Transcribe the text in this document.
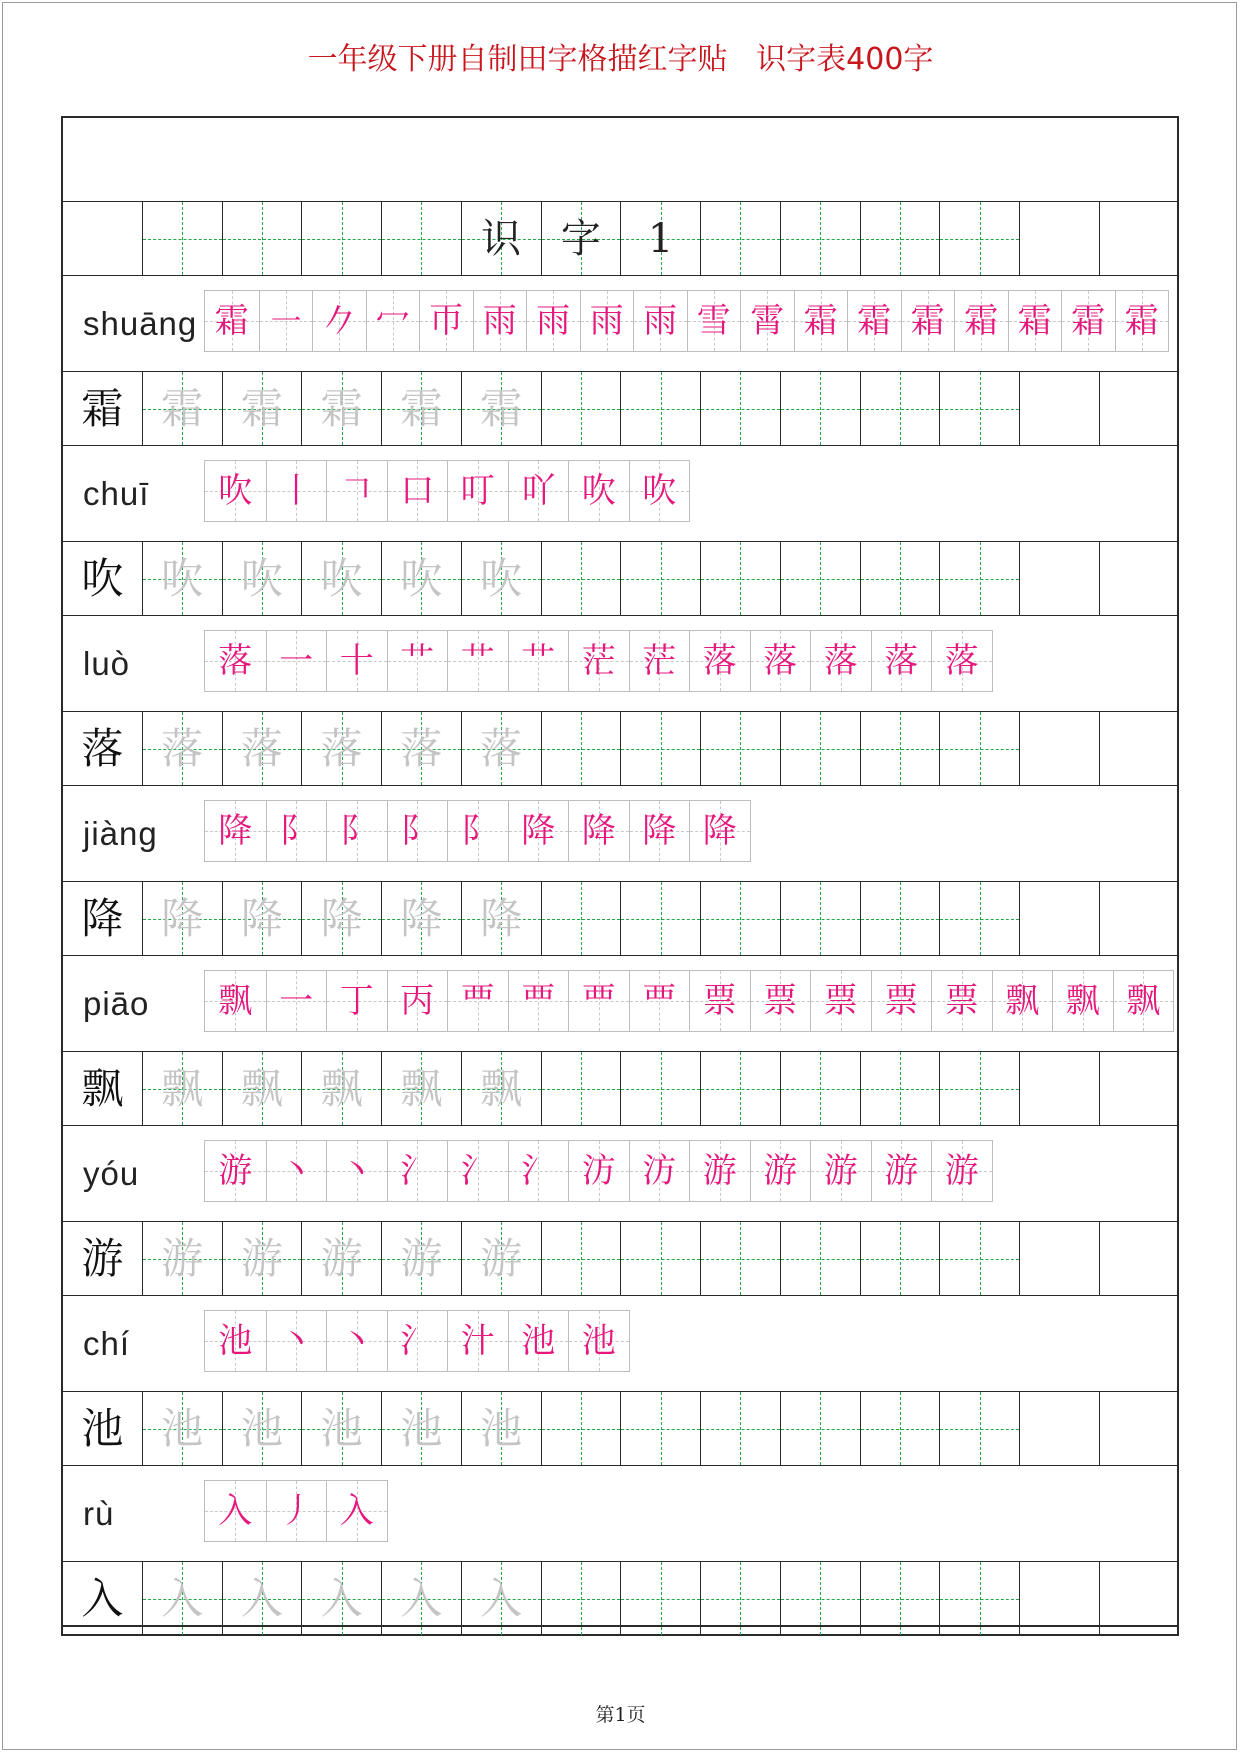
一年级下册自制田字格描红字贴   识字表400字
识 字	1
shuāng 霜 ㇐ 𠂊 冖 帀 雨 雨 雨 雨 雪 霄 霜 霜 霜 霜 霜 霜 霜
霜 霜 霜 霜 霜 霜
chuī	吹 丨 𠃍 口 叮 吖 吹 吹
吹 吹 吹 吹 吹 吹
luò	落 一 十 艹 艹 艹 茫 茫 落 落 落 落 落
落 落 落 落 落 落
jiàng	降 阝 阝 阝 阝 降 降 降 降
降 降 降 降 降 降
piāo	飘 一 丁 丙 覀 覀 覀 覀 票 票 票 票 票 飘 飘 飘
飘 飘 飘 飘 飘 飘
yóu	游 丶 丶 氵 氵 氵 汸 汸 游 游 游 游 游
游 游 游 游 游 游
chí	池 丶 丶 氵 汁 池 池
池 池 池 池 池 池
rù	入 丿 入
入 入 入 入 入 入
第1页
